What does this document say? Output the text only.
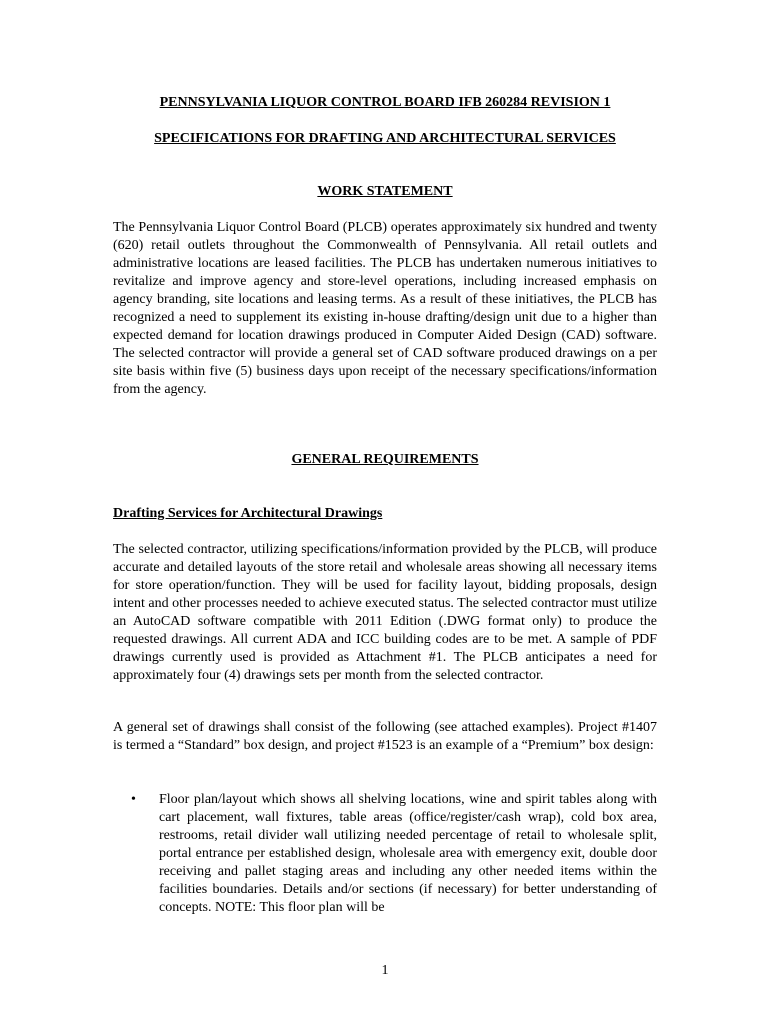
PENNSYLVANIA LIQUOR CONTROL BOARD IFB 260284 REVISION 1
SPECIFICATIONS FOR DRAFTING AND ARCHITECTURAL SERVICES
WORK STATEMENT

The Pennsylvania Liquor Control Board (PLCB) operates approximately six hundred and twenty (620) retail outlets throughout the Commonwealth of Pennsylvania. All retail outlets and administrative locations are leased facilities. The PLCB has undertaken numerous initiatives to revitalize and improve agency and store-level operations, including increased emphasis on agency branding, site locations and leasing terms. As a result of these initiatives, the PLCB has recognized a need to supplement its existing in-house drafting/design unit due to a higher than expected demand for location drawings produced in Computer Aided Design (CAD) software. The selected contractor will provide a general set of CAD software produced drawings on a per site basis within five (5) business days upon receipt of the necessary specifications/information from the agency.

GENERAL REQUIREMENTS
Drafting Services for Architectural Drawings

The selected contractor, utilizing specifications/information provided by the PLCB, will produce accurate and detailed layouts of the store retail and wholesale areas showing all necessary items for store operation/function. They will be used for facility layout, bidding proposals, design intent and other processes needed to achieve executed status. The selected contractor must utilize an AutoCAD software compatible with 2011 Edition (.DWG format only) to produce the requested drawings. All current ADA and ICC building codes are to be met. A sample of PDF drawings currently used is provided as Attachment #1. The PLCB anticipates a need for approximately four (4) drawings sets per month from the selected contractor.

A general set of drawings shall consist of the following (see attached examples). Project #1407 is termed a “Standard” box design, and project #1523 is an example of a “Premium” box design:

• Floor plan/layout which shows all shelving locations, wine and spirit tables along with cart placement, wall fixtures, table areas (office/register/cash wrap), cold box area, restrooms, retail divider wall utilizing needed percentage of retail to wholesale split, portal entrance per established design, wholesale area with emergency exit, double door receiving and pallet staging areas and including any other needed items within the facilities boundaries. Details and/or sections (if necessary) for better understanding of concepts. NOTE: This floor plan will be
1
